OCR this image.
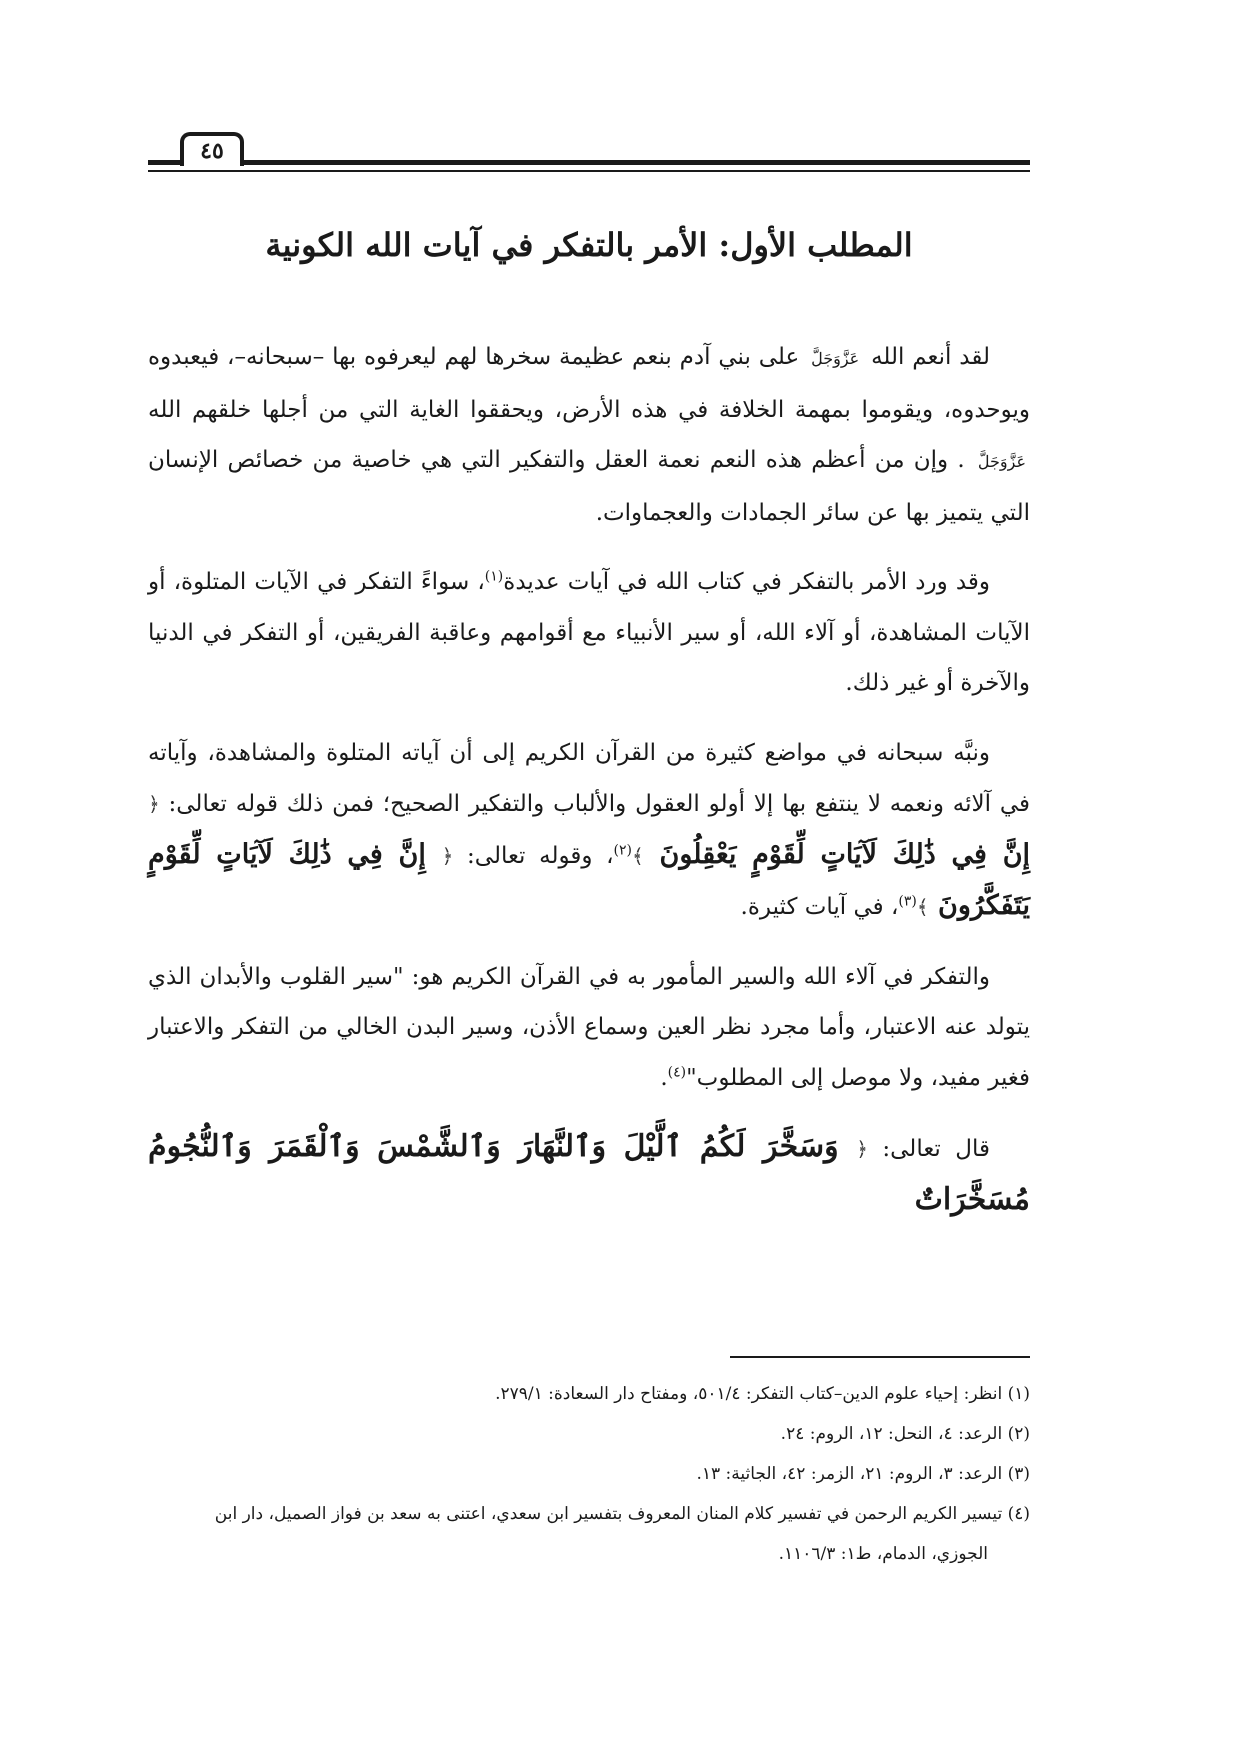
٤٥
المطلب الأول: الأمر بالتفكر في آيات الله الكونية

لقد أنعم الله عَزَّوَجَلَّ على بني آدم بنعم عظيمة سخرها لهم ليعرفوه بها –سبحانه–، فيعبدوه ويوحدوه، ويقوموا بمهمة الخلافة في هذه الأرض، ويحققوا الغاية التي من أجلها خلقهم الله عَزَّوَجَلَّ . وإن من أعظم هذه النعم نعمة العقل والتفكير التي هي خاصية من خصائص الإنسان التي يتميز بها عن سائر الجمادات والعجماوات.

وقد ورد الأمر بالتفكر في كتاب الله في آيات عديدة$^{(١)}$، سواءً التفكر في الآيات المتلوة، أو الآيات المشاهدة، أو آلاء الله، أو سير الأنبياء مع أقوامهم وعاقبة الفريقين، أو التفكر في الدنيا والآخرة أو غير ذلك.

ونبَّه سبحانه في مواضع كثيرة من القرآن الكريم إلى أن آياته المتلوة والمشاهدة، وآياته في آلائه ونعمه لا ينتفع بها إلا أولو العقول والألباب والتفكير الصحيح؛ فمن ذلك قوله تعالى: ﴿ إِنَّ فِي ذَٰلِكَ لَآيَاتٍ لِّقَوْمٍ يَعْقِلُونَ ﴾$^{(٢)}$، وقوله تعالى: ﴿ إِنَّ فِي ذَٰلِكَ لَآيَاتٍ لِّقَوْمٍ يَتَفَكَّرُونَ ﴾$^{(٣)}$، في آيات كثيرة.

والتفكر في آلاء الله والسير المأمور به في القرآن الكريم هو: "سير القلوب والأبدان الذي يتولد عنه الاعتبار، وأما مجرد نظر العين وسماع الأذن، وسير البدن الخالي من التفكر والاعتبار فغير مفيد، ولا موصل إلى المطلوب"$^{(٤)}$.

قال تعالى: ﴿ وَسَخَّرَ لَكُمُ ٱلَّيْلَ وَٱلنَّهَارَ وَٱلشَّمْسَ وَٱلْقَمَرَ وَٱلنُّجُومُ مُسَخَّرَاتٌ

(١) انظر: إحياء علوم الدين–كتاب التفكر: ٥٠١/٤، ومفتاح دار السعادة: ٢٧٩/١.

(٢) الرعد: ٤، النحل: ١٢، الروم: ٢٤.

(٣) الرعد: ٣، الروم: ٢١، الزمر: ٤٢، الجاثية: ١٣.

(٤) تيسير الكريم الرحمن في تفسير كلام المنان المعروف بتفسير ابن سعدي، اعتنى به سعد بن فواز الصميل، دار ابن

الجوزي، الدمام، ط١: ١١٠٦/٣.
